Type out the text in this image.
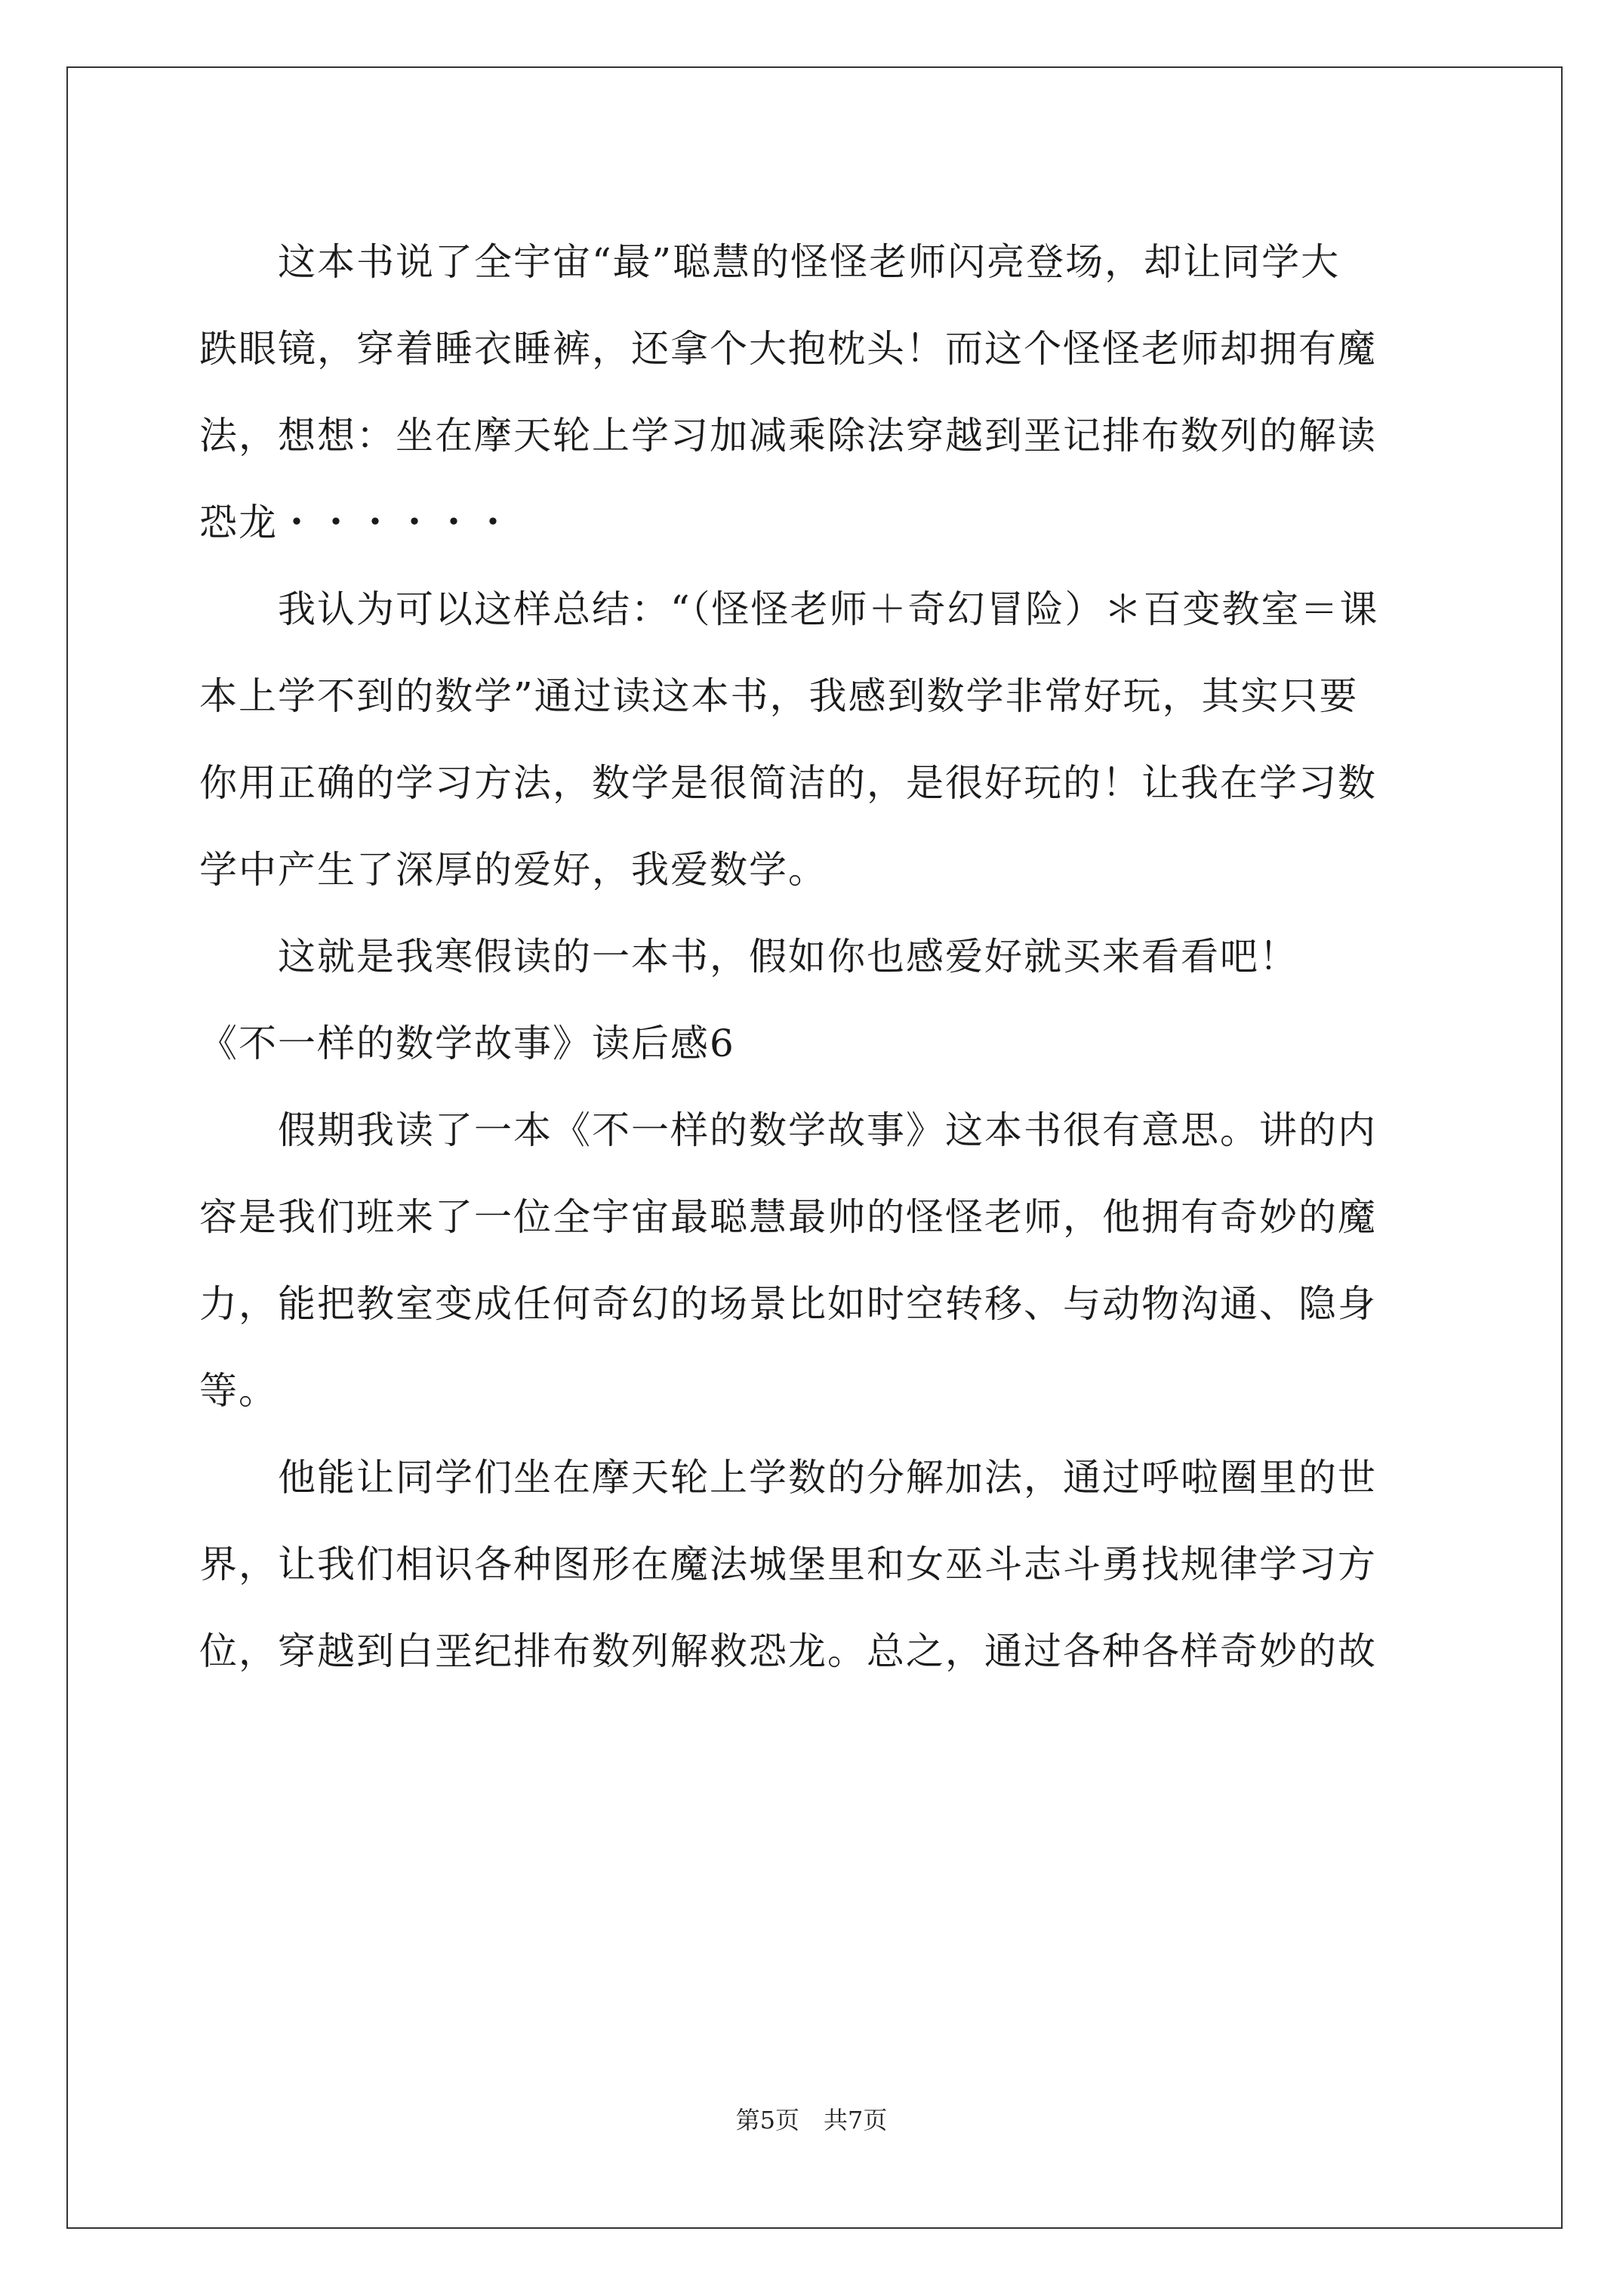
　　这本书说了全宇宙“最”聪慧的怪怪老师闪亮登场，却让同学大
跌眼镜，穿着睡衣睡裤，还拿个大抱枕头！而这个怪怪老师却拥有魔
法，想想：坐在摩天轮上学习加减乘除法穿越到垩记排布数列的解读
恐龙・・・・・・
　　我认为可以这样总结：“（怪怪老师＋奇幻冒险）＊百变教室＝课
本上学不到的数学”通过读这本书，我感到数学非常好玩，其实只要
你用正确的学习方法，数学是很简洁的，是很好玩的！让我在学习数
学中产生了深厚的爱好，我爱数学。
　　这就是我寒假读的一本书，假如你也感爱好就买来看看吧！
《不一样的数学故事》读后感6
　　假期我读了一本《不一样的数学故事》这本书很有意思。讲的内
容是我们班来了一位全宇宙最聪慧最帅的怪怪老师，他拥有奇妙的魔
力，能把教室变成任何奇幻的场景比如时空转移、与动物沟通、隐身
等。
　　他能让同学们坐在摩天轮上学数的分解加法，通过呼啦圈里的世
界，让我们相识各种图形在魔法城堡里和女巫斗志斗勇找规律学习方
位，穿越到白垩纪排布数列解救恐龙。总之，通过各种各样奇妙的故
第5页　共7页
